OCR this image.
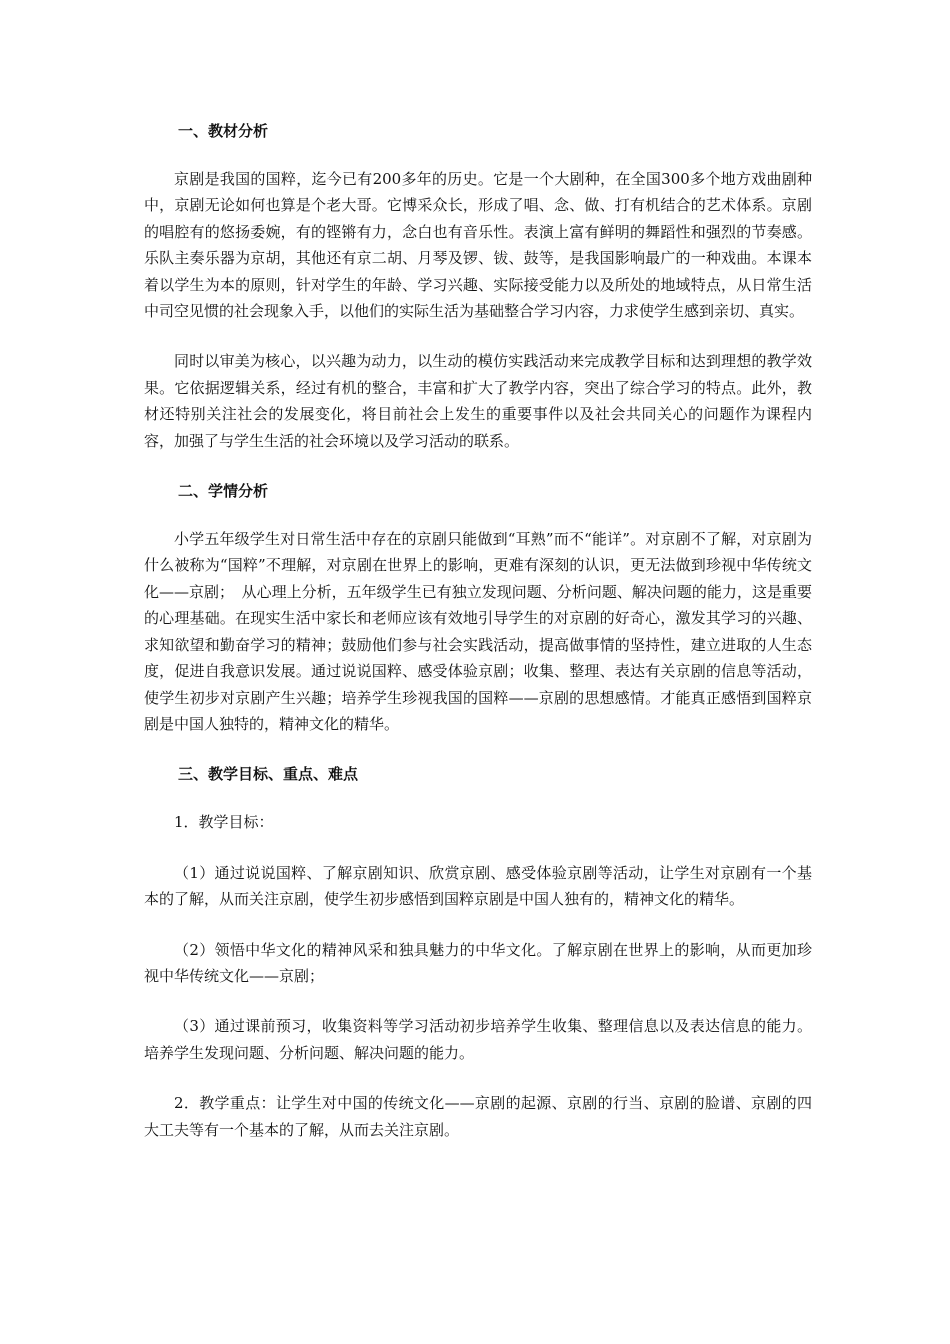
一、教材分析

京剧是我国的国粹，迄今已有200多年的历史。它是一个大剧种，在全国300多个地方戏曲剧种中，京剧无论如何也算是个老大哥。它博采众长，形成了唱、念、做、打有机结合的艺术体系。京剧的唱腔有的悠扬委婉，有的铿锵有力，念白也有音乐性。表演上富有鲜明的舞蹈性和强烈的节奏感。乐队主奏乐器为京胡，其他还有京二胡、月琴及锣、钹、鼓等，是我国影响最广的一种戏曲。本课本着以学生为本的原则，针对学生的年龄、学习兴趣、实际接受能力以及所处的地域特点，从日常生活中司空见惯的社会现象入手，以他们的实际生活为基础整合学习内容，力求使学生感到亲切、真实。

同时以审美为核心，以兴趣为动力，以生动的模仿实践活动来完成教学目标和达到理想的教学效果。它依据逻辑关系，经过有机的整合，丰富和扩大了教学内容，突出了综合学习的特点。此外，教材还特别关注社会的发展变化，将目前社会上发生的重要事件以及社会共同关心的问题作为课程内容，加强了与学生生活的社会环境以及学习活动的联系。

二、学情分析

小学五年级学生对日常生活中存在的京剧只能做到“耳熟”而不“能详”。对京剧不了解，对京剧为什么被称为“国粹”不理解，对京剧在世界上的影响，更难有深刻的认识，更无法做到珍视中华传统文化——京剧；　从心理上分析，五年级学生已有独立发现问题、分析问题、解决问题的能力，这是重要的心理基础。在现实生活中家长和老师应该有效地引导学生的对京剧的好奇心，激发其学习的兴趣、求知欲望和勤奋学习的精神；鼓励他们参与社会实践活动，提高做事情的坚持性，建立进取的人生态度，促进自我意识发展。通过说说国粹、感受体验京剧；收集、整理、表达有关京剧的信息等活动，使学生初步对京剧产生兴趣；培养学生珍视我国的国粹——京剧的思想感情。才能真正感悟到国粹京剧是中国人独特的，精神文化的精华。

三、教学目标、重点、难点

1．教学目标：

（1）通过说说国粹、了解京剧知识、欣赏京剧、感受体验京剧等活动，让学生对京剧有一个基本的了解，从而关注京剧，使学生初步感悟到国粹京剧是中国人独有的，精神文化的精华。

（2）领悟中华文化的精神风采和独具魅力的中华文化。了解京剧在世界上的影响，从而更加珍视中华传统文化——京剧；

（3）通过课前预习，收集资料等学习活动初步培养学生收集、整理信息以及表达信息的能力。培养学生发现问题、分析问题、解决问题的能力。

2．教学重点：让学生对中国的传统文化——京剧的起源、京剧的行当、京剧的脸谱、京剧的四大工夫等有一个基本的了解，从而去关注京剧。
